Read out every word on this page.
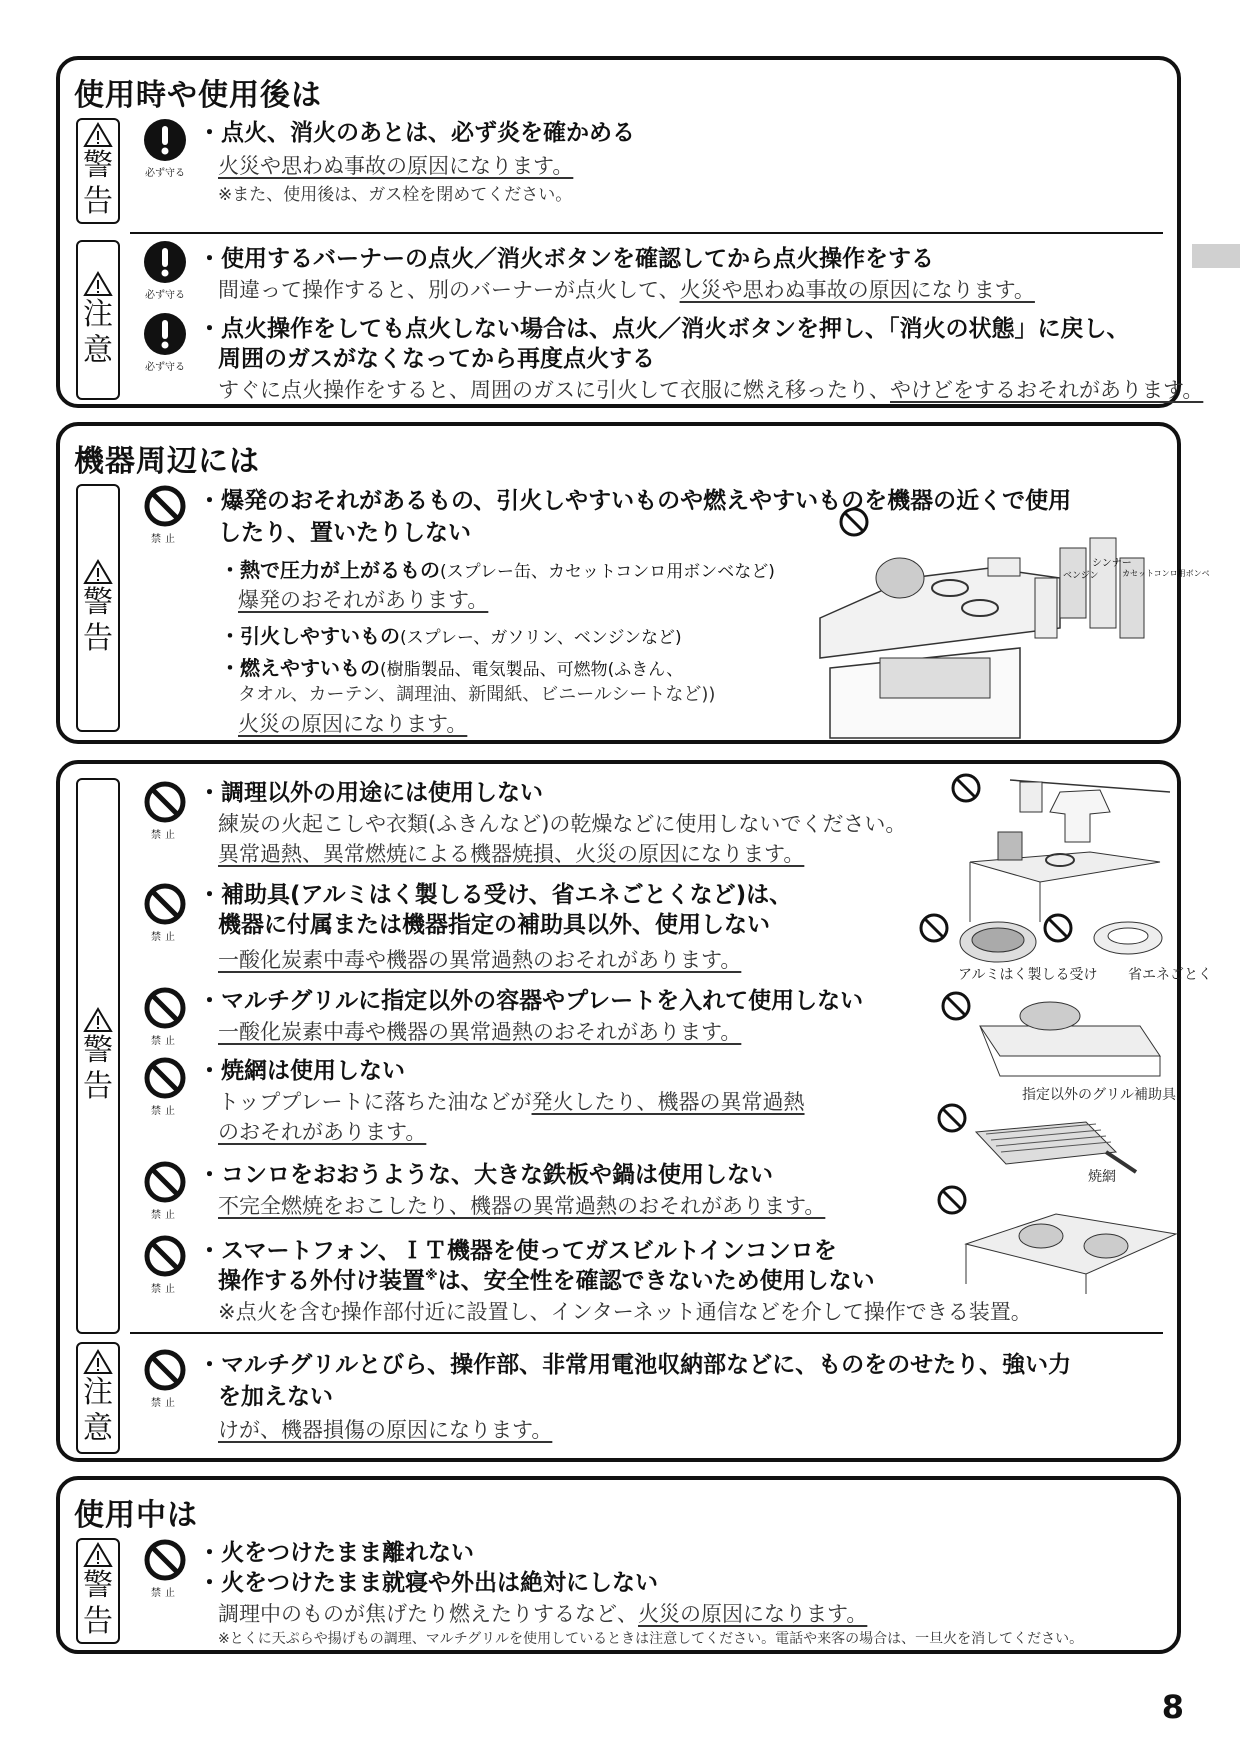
使用時や使用後は
警
告
必ず守る
・点火、消火のあとは、必ず炎を確かめる
火災や思わぬ事故の原因になります。
※また、使用後は、ガス栓を閉めてください。
注
意
必ず守る
・使用するバーナーの点火／消火ボタンを確認してから点火操作をする
間違って操作すると、別のバーナーが点火して、火災や思わぬ事故の原因になります。
必ず守る
・点火操作をしても点火しない場合は、点火／消火ボタンを押し、「消火の状態」に戻し、
周囲のガスがなくなってから再度点火する
すぐに点火操作をすると、周囲のガスに引火して衣服に燃え移ったり、やけどをするおそれがあります。
機器周辺には
警
告
禁止
・爆発のおそれがあるもの、引火しやすいものや燃えやすいものを機器の近くで使用
したり、置いたりしない
・熱で圧力が上がるもの(スプレー缶、カセットコンロ用ボンベなど)
爆発のおそれがあります。
・引火しやすいもの(スプレー、ガソリン、ベンジンなど)
・燃えやすいもの(樹脂製品、電気製品、可燃物(ふきん、
タオル、カーテン、調理油、新聞紙、ビニールシートなど))
火災の原因になります。
シンナー
ベンジン	カセットコンロ用ボンベ
警
告
禁止
・調理以外の用途には使用しない
練炭の火起こしや衣類(ふきんなど)の乾燥などに使用しないでください。
異常過熱、異常燃焼による機器焼損、火災の原因になります。
禁止
・補助具(アルミはく製しる受け、省エネごとくなど)は、
機器に付属または機器指定の補助具以外、使用しない
一酸化炭素中毒や機器の異常過熱のおそれがあります。
禁止
・マルチグリルに指定以外の容器やプレートを入れて使用しない
一酸化炭素中毒や機器の異常過熱のおそれがあります。
禁止
・焼網は使用しない
トッププレートに落ちた油などが発火したり、機器の異常過熱
のおそれがあります。
禁止
・コンロをおおうような、大きな鉄板や鍋は使用しない
不完全燃焼をおこしたり、機器の異常過熱のおそれがあります。
禁止
・スマートフォン、ＩＴ機器を使ってガスビルトインコンロを
操作する外付け装置※は、安全性を確認できないため使用しない
※点火を含む操作部付近に設置し、インターネット通信などを介して操作できる装置。
注
意
禁止
・マルチグリルとびら、操作部、非常用電池収納部などに、ものをのせたり、強い力
を加えない
けが、機器損傷の原因になります。
アルミはく製しる受け 省エネごとく
指定以外のグリル補助具
焼網
使用中は
警
告
禁止
・火をつけたまま離れない
・火をつけたまま就寝や外出は絶対にしない
調理中のものが焦げたり燃えたりするなど、火災の原因になります。
※とくに天ぷらや揚げもの調理、マルチグリルを使用しているときは注意してください。電話や来客の場合は、一旦火を消してください。
8
